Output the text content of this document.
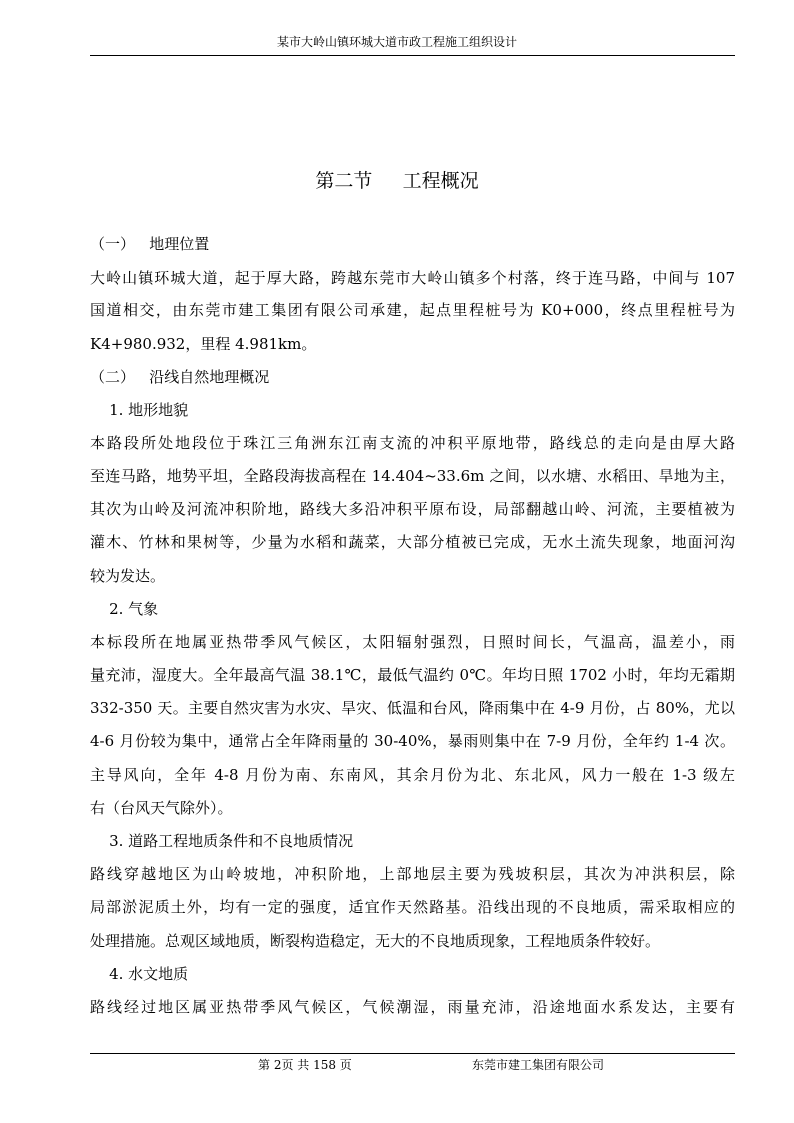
某市大岭山镇环城大道市政工程施工组织设计
第二节     工程概况
（一）   地理位置
大岭山镇环城大道，起于厚大路，跨越东莞市大岭山镇多个村落，终于连马路，中间与 107
国道相交，由东莞市建工集团有限公司承建，起点里程桩号为 K0+000，终点里程桩号为
K4+980.932，里程 4.981km。
（二）   沿线自然地理概况
1. 地形地貌
本路段所处地段位于珠江三角洲东江南支流的冲积平原地带，路线总的走向是由厚大路
至连马路，地势平坦，全路段海拔高程在 14.404~33.6m 之间，以水塘、水稻田、旱地为主，
其次为山岭及河流冲积阶地，路线大多沿冲积平原布设，局部翻越山岭、河流，主要植被为
灌木、竹林和果树等，少量为水稻和蔬菜，大部分植被已完成，无水土流失现象，地面河沟
较为发达。
2. 气象
本标段所在地属亚热带季风气候区，太阳辐射强烈，日照时间长，气温高，温差小，雨
量充沛，湿度大。全年最高气温 38.1℃，最低气温约 0℃。年均日照 1702 小时，年均无霜期
332-350 天。主要自然灾害为水灾、旱灾、低温和台风，降雨集中在 4-9 月份，占 80%，尤以
4-6 月份较为集中，通常占全年降雨量的 30-40%，暴雨则集中在 7-9 月份，全年约 1-4 次。
主导风向，全年 4-8 月份为南、东南风，其余月份为北、东北风，风力一般在 1-3 级左
右（台风天气除外）。
3. 道路工程地质条件和不良地质情况
路线穿越地区为山岭坡地，冲积阶地，上部地层主要为残坡积层，其次为冲洪积层，除
局部淤泥质土外，均有一定的强度，适宜作天然路基。沿线出现的不良地质，需采取相应的
处理措施。总观区域地质，断裂构造稳定，无大的不良地质现象，工程地质条件较好。
4. 水文地质
路线经过地区属亚热带季风气候区，气候潮湿，雨量充沛，沿途地面水系发达，主要有
第 2页 共 158 页	东莞市建工集团有限公司
